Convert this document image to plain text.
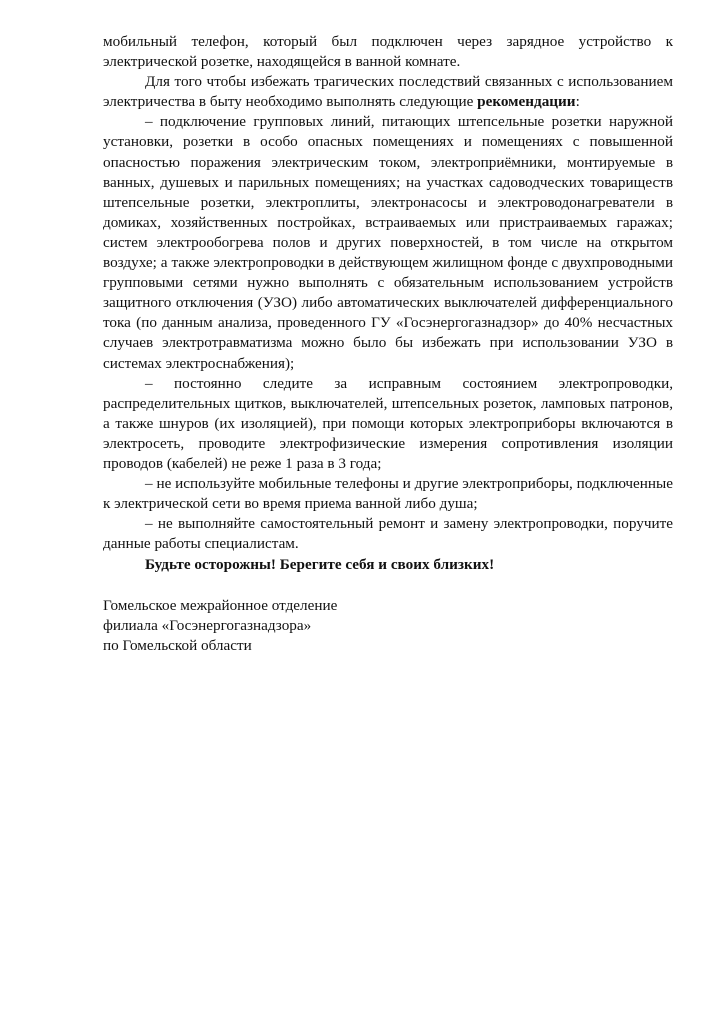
мобильный телефон, который был подключен через зарядное устройство к электрической розетке, находящейся в ванной комнате.

Для того чтобы избежать трагических последствий связанных с использованием электричества в быту необходимо выполнять следующие рекомендации:

– подключение групповых линий, питающих штепсельные розетки наружной установки, розетки в особо опасных помещениях и помещениях с повышенной опасностью поражения электрическим током, электроприёмники, монтируемые в ванных, душевых и парильных помещениях; на участках садоводческих товариществ штепсельные розетки, электроплиты, электронасосы и электроводонагреватели в домиках, хозяйственных постройках, встраиваемых или пристраиваемых гаражах; систем электрообогрева полов и других поверхностей, в том числе на открытом воздухе; а также электропроводки в действующем жилищном фонде с двухпроводными групповыми сетями нужно выполнять с обязательным использованием устройств защитного отключения (УЗО) либо автоматических выключателей дифференциального тока (по данным анализа, проведенного ГУ «Госэнергогазнадзор» до 40% несчастных случаев электротравматизма можно было бы избежать при использовании УЗО в системах электроснабжения);

– постоянно следите за исправным состоянием электропроводки, распределительных щитков, выключателей, штепсельных розеток, ламповых патронов, а также шнуров (их изоляцией), при помощи которых электроприборы включаются в электросеть, проводите электрофизические измерения сопротивления изоляции проводов (кабелей) не реже 1 раза в 3 года;

– не используйте мобильные телефоны и другие электроприборы, подключенные к электрической сети во время приема ванной либо душа;

– не выполняйте самостоятельный ремонт и замену электропроводки, поручите данные работы специалистам.

Будьте осторожны! Берегите себя и своих близких!

Гомельское межрайонное отделение
филиала «Госэнергогазнадзора»
по Гомельской области
